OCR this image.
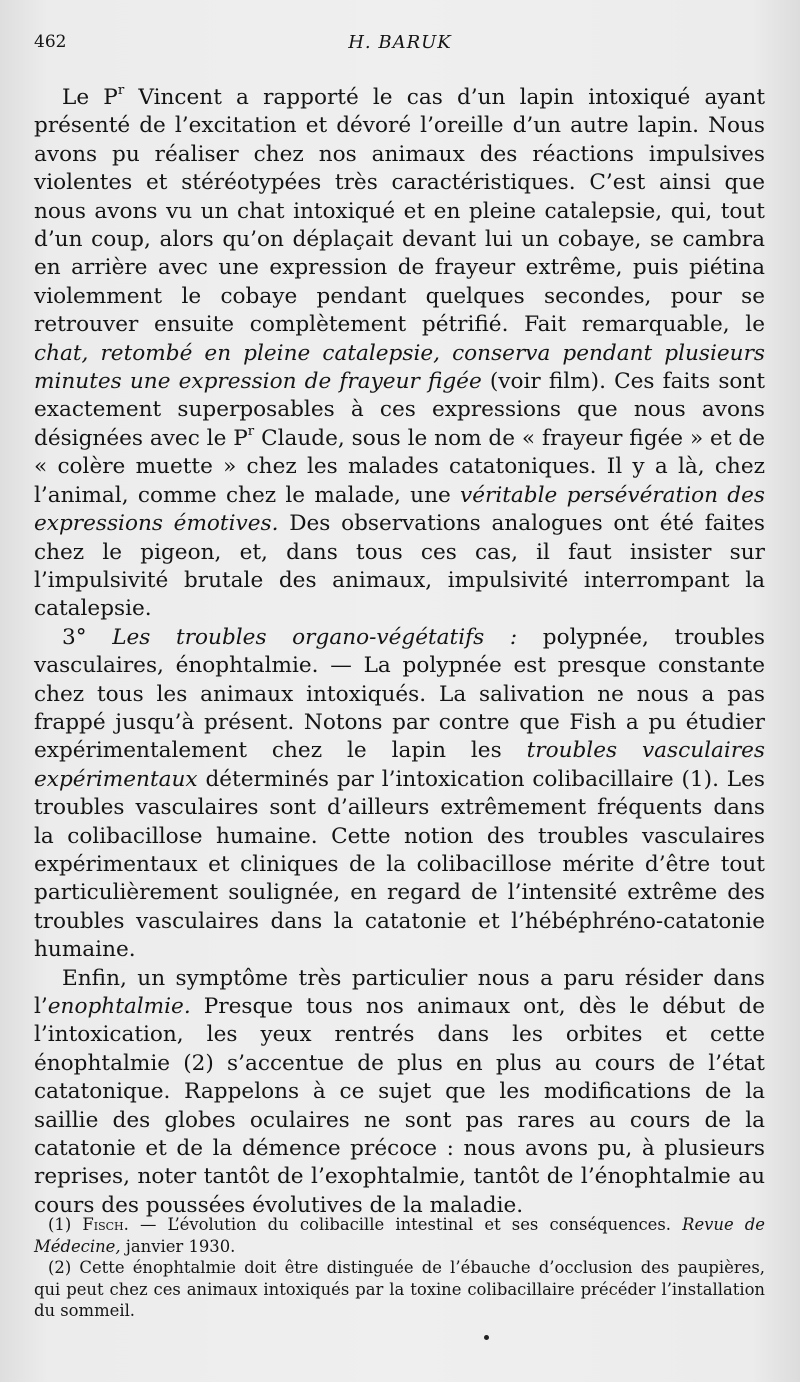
462	H. BARUK

Le $P^r$ Vincent a rapporté le cas d’un lapin intoxiqué ayant présenté de l’excitation et dévoré l’oreille d’un autre lapin. Nous avons pu réaliser chez nos animaux des réactions impulsives violentes et stéréotypées très caractéristiques. C’est ainsi que nous avons vu un chat intoxiqué et en pleine catalepsie, qui, tout d’un coup, alors qu’on déplaçait devant lui un cobaye, se cambra en arrière avec une expression de frayeur extrême, puis piétina violemment le cobaye pendant quelques secondes, pour se retrouver ensuite complètement pétrifié. Fait remarquable, le chat, retombé en pleine catalepsie, conserva pendant plusieurs minutes une expression de frayeur figée (voir film). Ces faits sont exactement superposables à ces expressions que nous avons désignées avec le $P^r$ Claude, sous le nom de « frayeur figée » et de « colère muette » chez les malades catatoniques. Il y a là, chez l’animal, comme chez le malade, une véritable persévération des expressions émotives. Des observations analogues ont été faites chez le pigeon, et, dans tous ces cas, il faut insister sur l’impulsivité brutale des animaux, impulsivité interrompant la catalepsie.

3° Les troubles organo-végétatifs : polypnée, troubles vasculaires, énophtalmie. — La polypnée est presque constante chez tous les animaux intoxiqués. La salivation ne nous a pas frappé jusqu’à présent. Notons par contre que Fish a pu étudier expérimentalement chez le lapin les troubles vasculaires expérimentaux déterminés par l’intoxication colibacillaire (1). Les troubles vasculaires sont d’ailleurs extrêmement fréquents dans la colibacillose humaine. Cette notion des troubles vasculaires expérimentaux et cliniques de la colibacillose mérite d’être tout particulièrement soulignée, en regard de l’intensité extrême des troubles vasculaires dans la catatonie et l’hébéphréno-catatonie humaine.

Enfin, un symptôme très particulier nous a paru résider dans l’enophtalmie. Presque tous nos animaux ont, dès le début de l’intoxication, les yeux rentrés dans les orbites et cette énophtalmie (2) s’accentue de plus en plus au cours de l’état catatonique. Rappelons à ce sujet que les modifications de la saillie des globes oculaires ne sont pas rares au cours de la catatonie et de la démence précoce : nous avons pu, à plusieurs reprises, noter tantôt de l’exophtalmie, tantôt de l’énophtalmie au cours des poussées évolutives de la maladie.

(1) Fisch. — L’évolution du colibacille intestinal et ses conséquences. Revue de Médecine, janvier 1930.

(2) Cette énophtalmie doit être distinguée de l’ébauche d’occlusion des paupières, qui peut chez ces animaux intoxiqués par la toxine colibacillaire précéder l’installation du sommeil.
